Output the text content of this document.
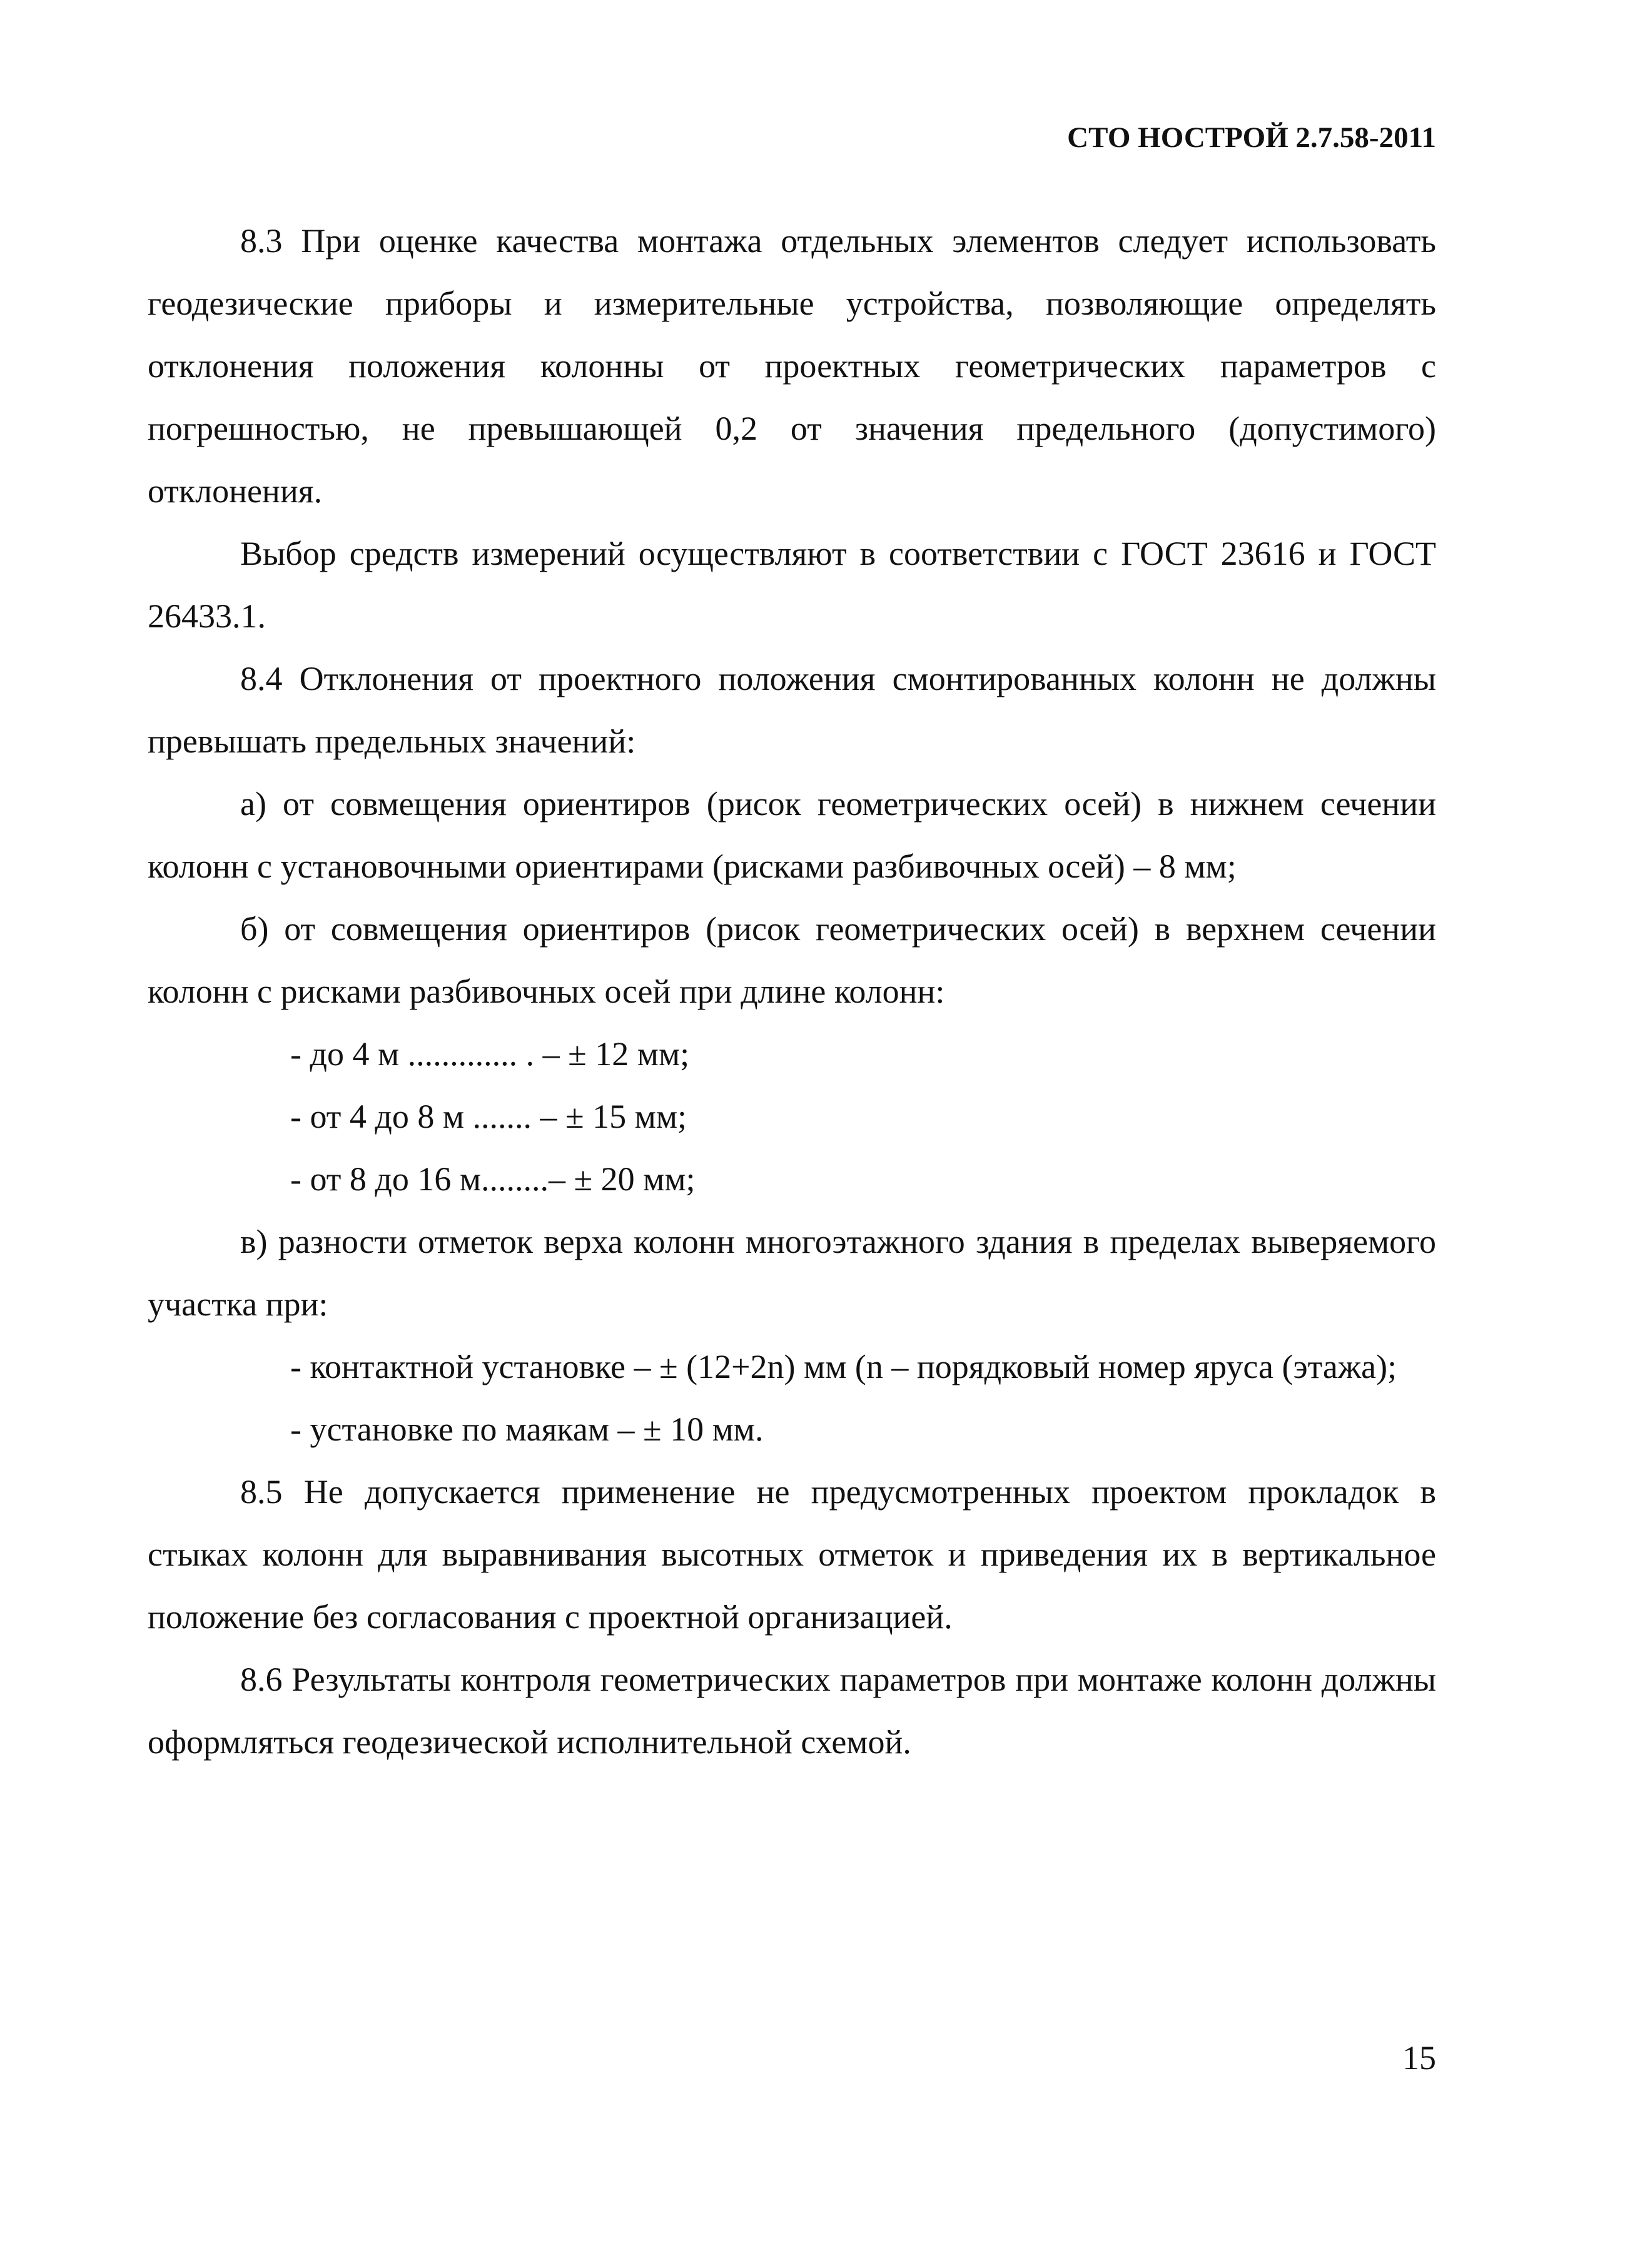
СТО НОСТРОЙ 2.7.58-2011

8.3 При оценке качества монтажа отдельных элементов следует использовать геодезические приборы и измерительные устройства, позволяющие определять отклонения положения колонны от проектных геометрических параметров с погрешностью, не превышающей 0,2 от значения предельного (допустимого) отклонения.

Выбор средств измерений осуществляют в соответствии с ГОСТ 23616 и ГОСТ 26433.1.

8.4 Отклонения от проектного положения смонтированных колонн не должны превышать предельных значений:

а) от совмещения ориентиров (рисок геометрических осей) в нижнем сечении колонн с установочными ориентирами (рисками разбивочных осей) – 8 мм;

б) от совмещения ориентиров (рисок геометрических осей) в верхнем сечении колонн с рисками разбивочных осей при длине колонн:

- до 4 м ............. . – ± 12 мм;

- от 4 до 8 м ....... – ± 15 мм;

- от 8 до 16 м........– ± 20 мм;

в) разности отметок верха колонн многоэтажного здания в пределах выверяемого участка при:

- контактной установке – ± (12+2n) мм (n – порядковый номер яруса (этажа);

- установке по маякам – ± 10 мм.

8.5 Не допускается применение не предусмотренных проектом прокладок в стыках колонн для выравнивания высотных отметок и приведения их в вертикальное положение без согласования с проектной организацией.

8.6 Результаты контроля геометрических параметров при монтаже колонн должны оформляться геодезической исполнительной схемой.

15
